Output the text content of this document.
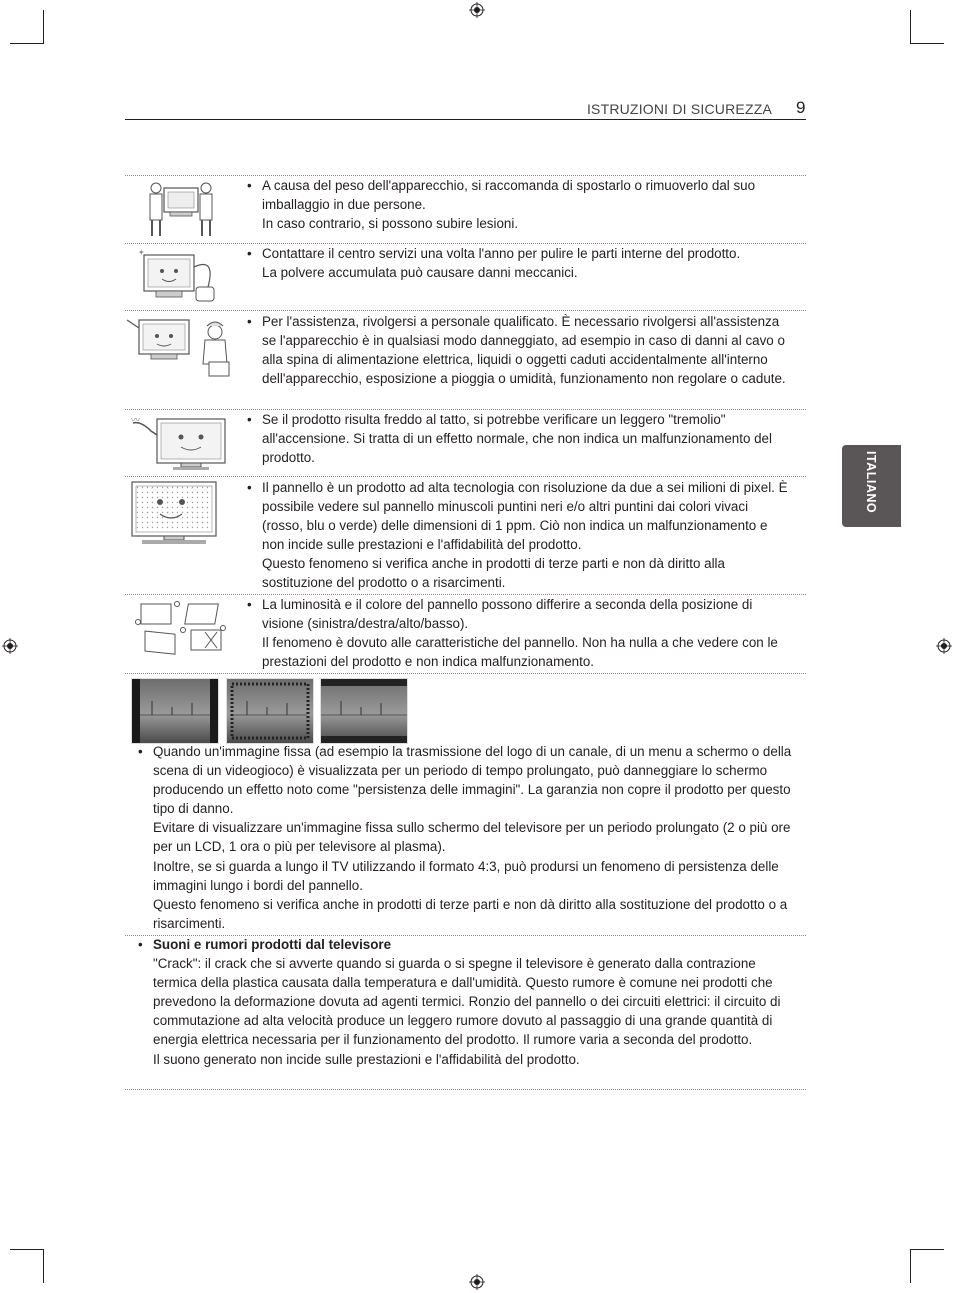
ISTRUZIONI DI SICUREZZA 9
ITALIANO
• A causa del peso dell'apparecchio, si raccomanda di spostarlo o rimuoverlo dal suo imballaggio in due persone.

In caso contrario, si possono subire lesioni.

✦	• Contattare il centro servizi una volta l'anno per pulire le parti interne del prodotto.

La polvere accumulata può causare danni meccanici.

• Per l'assistenza, rivolgersi a personale qualificato. È necessario rivolgersi all'assistenza se l'apparecchio è in qualsiasi modo danneggiato, ad esempio in caso di danni al cavo o alla spina di alimentazione elettrica, liquidi o oggetti caduti accidentalmente all'interno dell'apparecchio, esposizione a pioggia o umidità, funzionamento non regolare o cadute.

〰	• Se il prodotto risulta freddo al tatto, si potrebbe verificare un leggero "tremolio" all'accensione. Si tratta di un effetto normale, che non indica un malfunzionamento del prodotto.

• Il pannello è un prodotto ad alta tecnologia con risoluzione da due a sei milioni di pixel. È possibile vedere sul pannello minuscoli puntini neri e/o altri puntini dai colori vivaci (rosso, blu o verde) delle dimensioni di 1 ppm. Ciò non indica un malfunzionamento e non incide sulle prestazioni e l'affidabilità del prodotto.

Questo fenomeno si verifica anche in prodotti di terze parti e non dà diritto alla sostituzione del prodotto o a risarcimenti.

• La luminosità e il colore del pannello possono differire a seconda della posizione di visione (sinistra/destra/alto/basso).

Il fenomeno è dovuto alle caratteristiche del pannello. Non ha nulla a che vedere con le prestazioni del prodotto e non indica malfunzionamento.

• Quando un'immagine fissa (ad esempio la trasmissione del logo di un canale, di un menu a schermo o della scena di un videogioco) è visualizzata per un periodo di tempo prolungato, può danneggiare lo schermo producendo un effetto noto come "persistenza delle immagini". La garanzia non copre il prodotto per questo tipo di danno.

Evitare di visualizzare un'immagine fissa sullo schermo del televisore per un periodo prolungato (2 o più ore per un LCD, 1 ora o più per televisore al plasma).

Inoltre, se si guarda a lungo il TV utilizzando il formato 4:3, può prodursi un fenomeno di persistenza delle immagini lungo i bordi del pannello.

Questo fenomeno si verifica anche in prodotti di terze parti e non dà diritto alla sostituzione del prodotto o a risarcimenti.

• Suoni e rumori prodotti dal televisore

"Crack": il crack che si avverte quando si guarda o si spegne il televisore è generato dalla contrazione termica della plastica causata dalla temperatura e dall'umidità. Questo rumore è comune nei prodotti che prevedono la deformazione dovuta ad agenti termici. Ronzio del pannello o dei circuiti elettrici: il circuito di commutazione ad alta velocità produce un leggero rumore dovuto al passaggio di una grande quantità di energia elettrica necessaria per il funzionamento del prodotto. Il rumore varia a seconda del prodotto.

Il suono generato non incide sulle prestazioni e l'affidabilità del prodotto.
